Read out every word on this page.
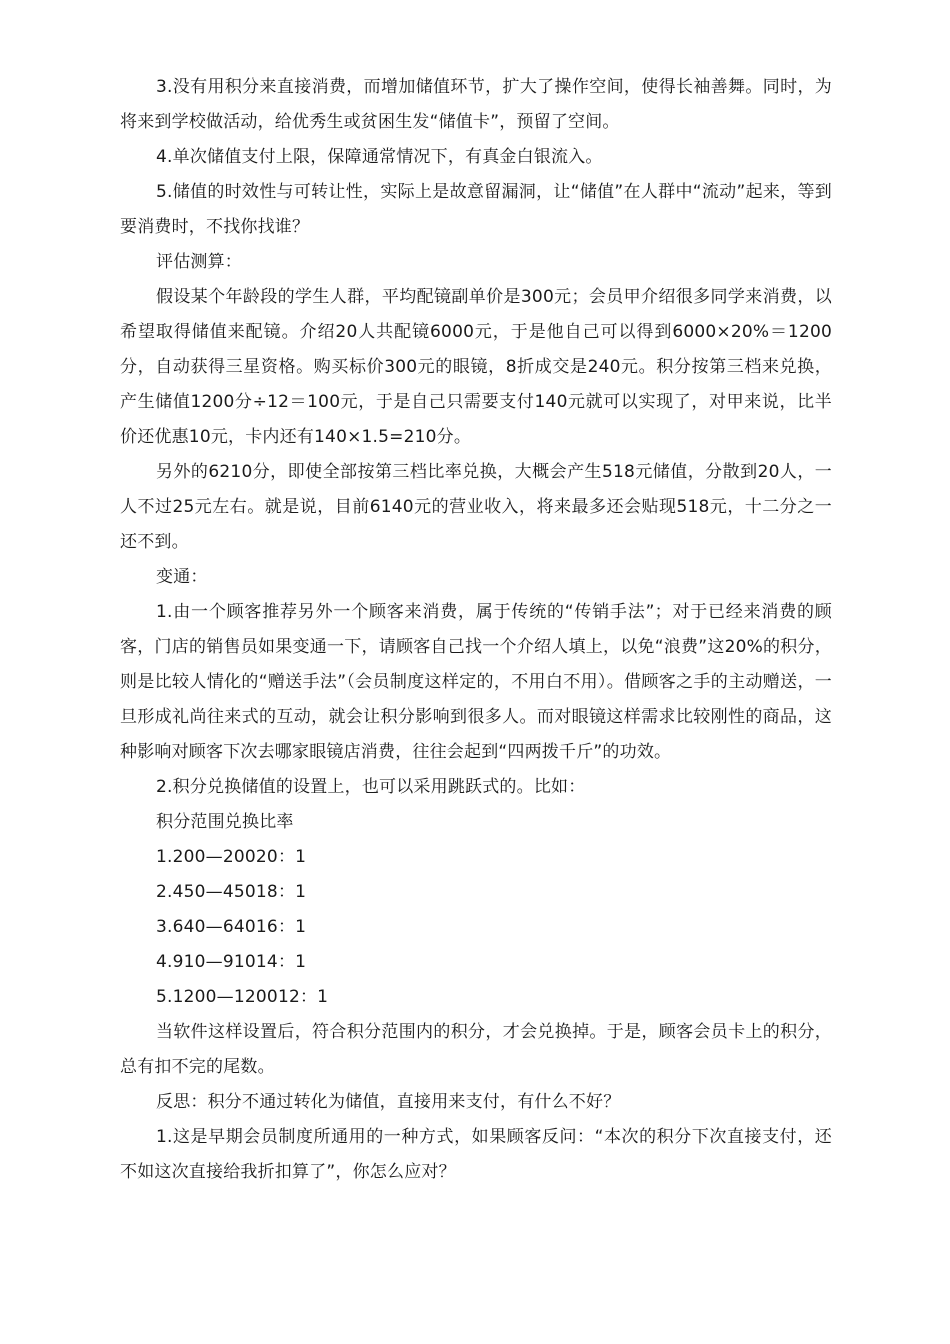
3.没有用积分来直接消费，而增加储值环节，扩大了操作空间，使得长袖善舞。同时，为将来到学校做活动，给优秀生或贫困生发“储值卡”，预留了空间。

4.单次储值支付上限，保障通常情况下，有真金白银流入。

5.储值的时效性与可转让性，实际上是故意留漏洞，让“储值”在人群中“流动”起来，等到要消费时，不找你找谁？

评估测算：

假设某个年龄段的学生人群，平均配镜副单价是300元；会员甲介绍很多同学来消费，以希望取得储值来配镜。介绍20人共配镜6000元，于是他自己可以得到6000×20%＝1200分，自动获得三星资格。购买标价300元的眼镜，8折成交是240元。积分按第三档来兑换，产生储值1200分÷12＝100元，于是自己只需要支付140元就可以实现了，对甲来说，比半价还优惠10元，卡内还有140×1.5=210分。

另外的6210分，即使全部按第三档比率兑换，大概会产生518元储值，分散到20人，一人不过25元左右。就是说，目前6140元的营业收入，将来最多还会贴现518元，十二分之一还不到。

变通：

1.由一个顾客推荐另外一个顾客来消费，属于传统的“传销手法”；对于已经来消费的顾客，门店的销售员如果变通一下，请顾客自己找一个介绍人填上，以免“浪费”这20%的积分，则是比较人情化的“赠送手法”（会员制度这样定的，不用白不用）。借顾客之手的主动赠送，一旦形成礼尚往来式的互动，就会让积分影响到很多人。而对眼镜这样需求比较刚性的商品，这种影响对顾客下次去哪家眼镜店消费，往往会起到“四两拨千斤”的功效。

2.积分兑换储值的设置上，也可以采用跳跃式的。比如：

积分范围兑换比率

1.200—20020：1

2.450—45018：1

3.640—64016：1

4.910—91014：1

5.1200—120012：1

当软件这样设置后，符合积分范围内的积分，才会兑换掉。于是，顾客会员卡上的积分，总有扣不完的尾数。

反思：积分不通过转化为储值，直接用来支付，有什么不好？

1.这是早期会员制度所通用的一种方式，如果顾客反问：“本次的积分下次直接支付，还不如这次直接给我折扣算了”，你怎么应对？
